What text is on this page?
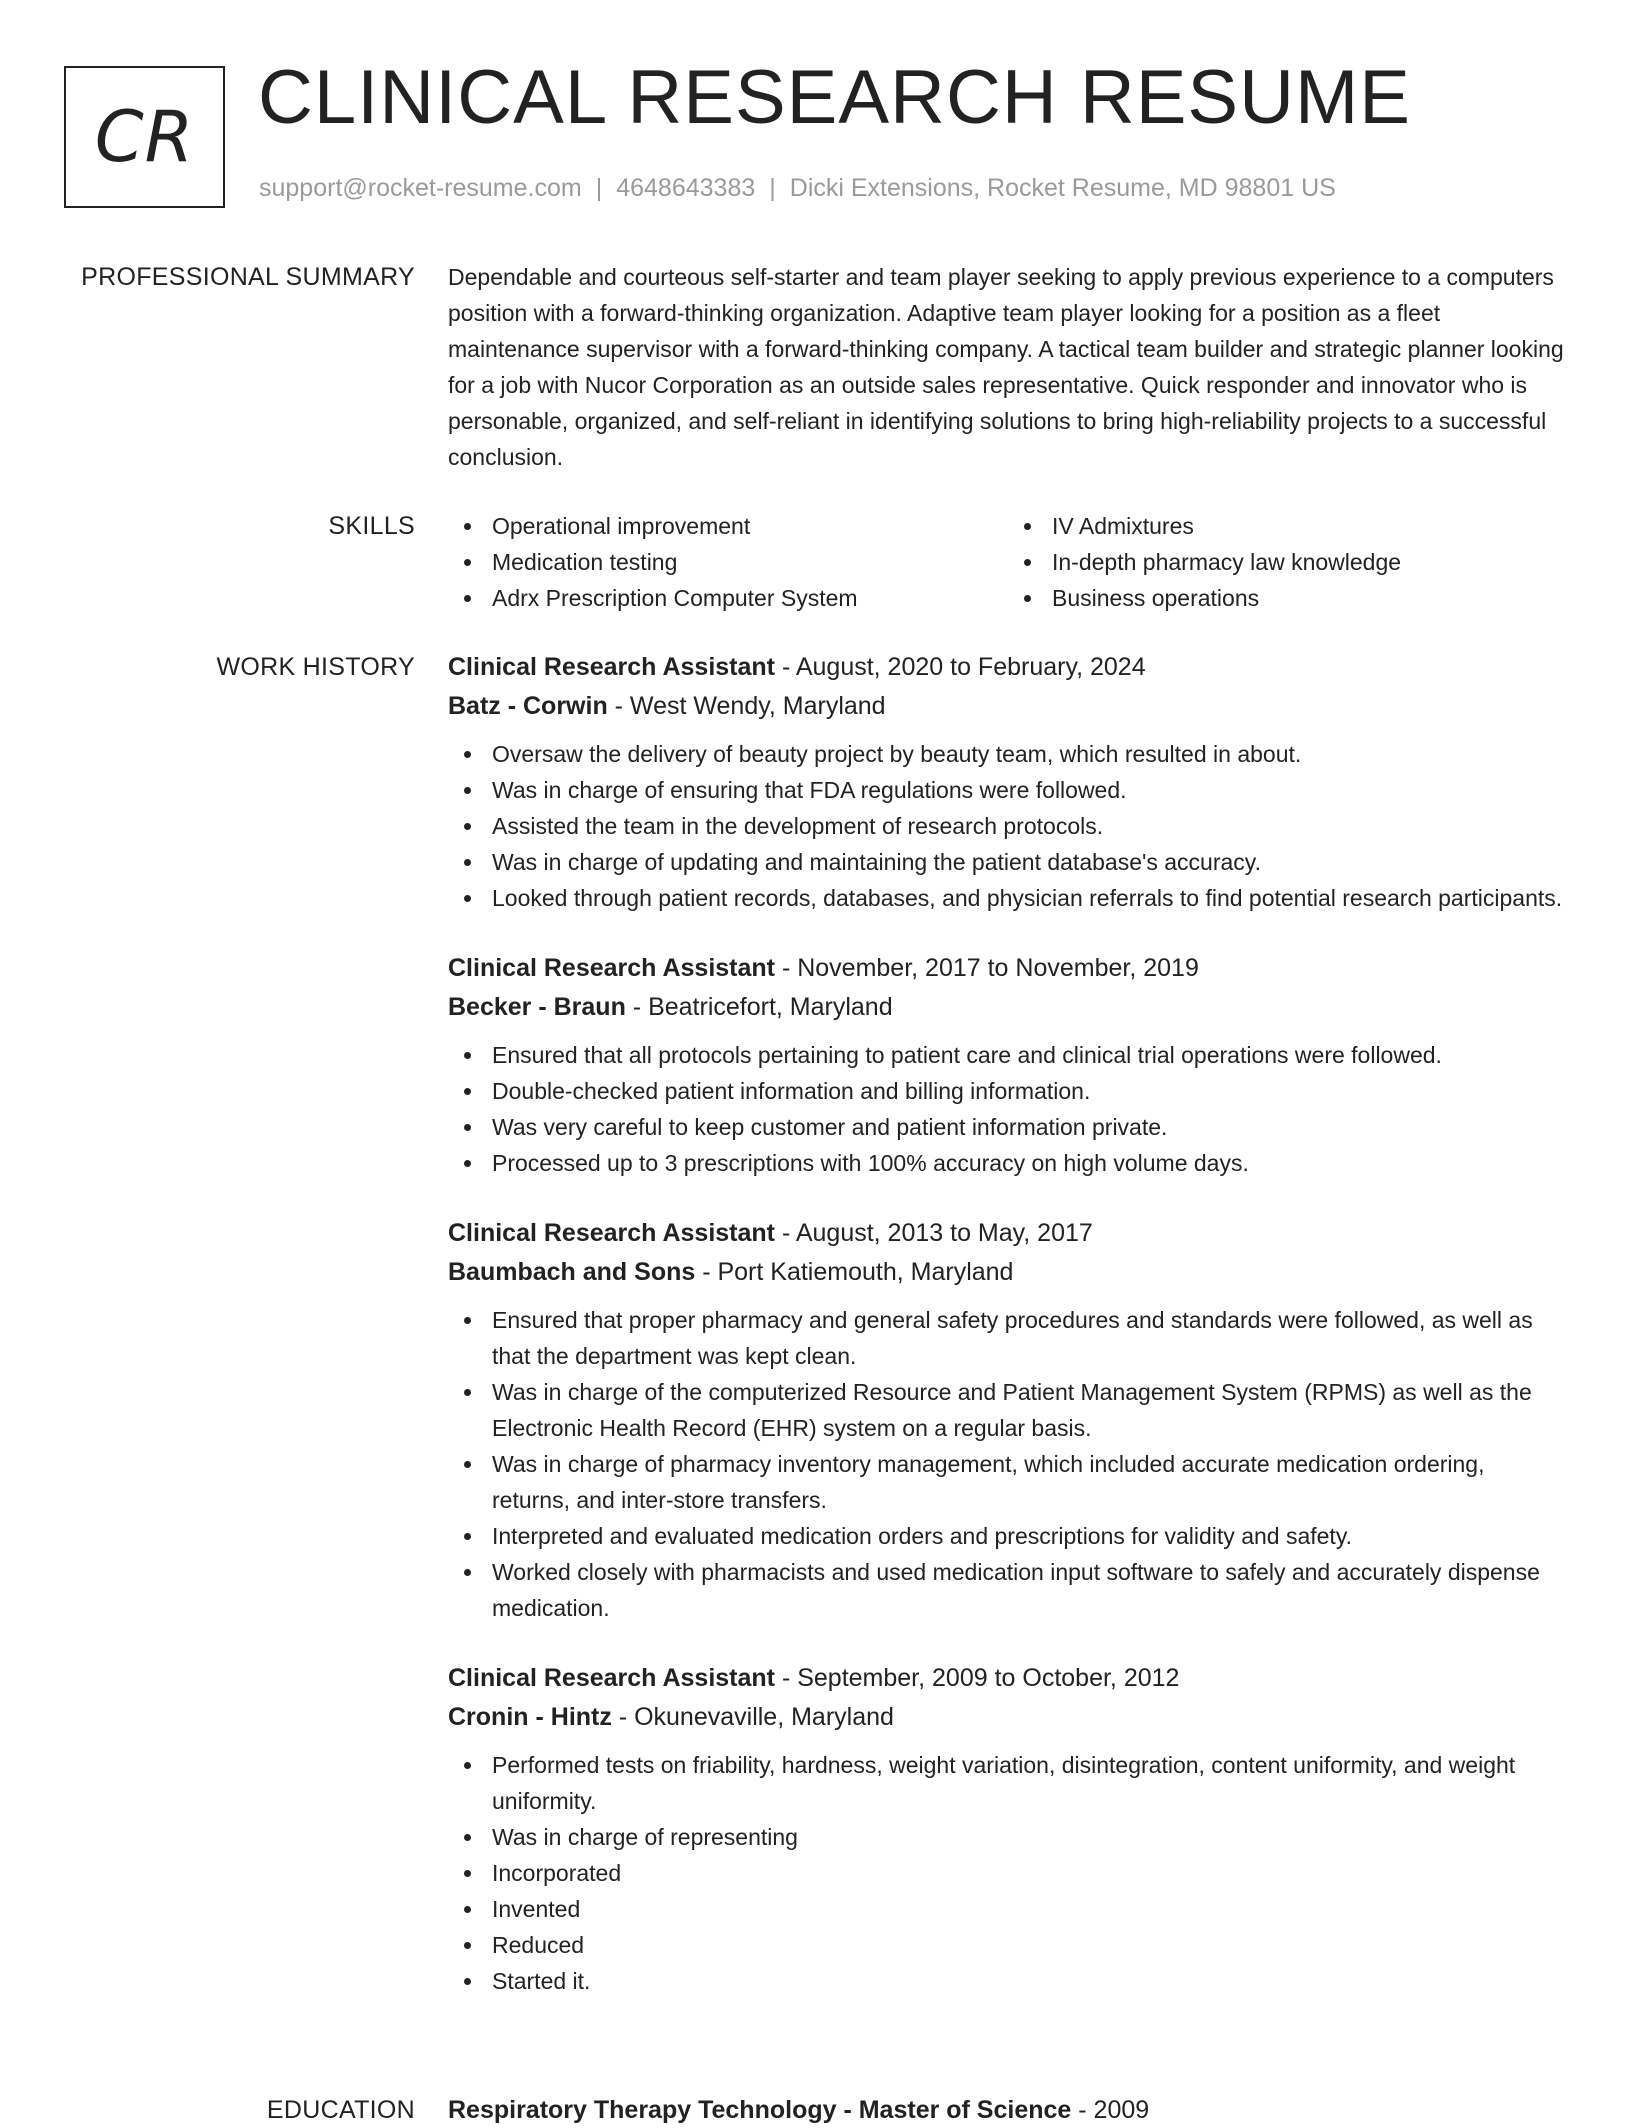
CR CLINICAL RESEARCH RESUME
support@rocket-resume.com | 4648643383 | Dicki Extensions, Rocket Resume, MD 98801 US
PROFESSIONAL SUMMARY Dependable and courteous self-starter and team player seeking to apply previous experience to a computers position with a forward-thinking organization. Adaptive team player looking for a position as a fleet maintenance supervisor with a forward-thinking company. A tactical team builder and strategic planner looking for a job with Nucor Corporation as an outside sales representative. Quick responder and innovator who is personable, organized, and self-reliant in identifying solutions to bring high-reliability projects to a successful conclusion.

SKILLS	Operational improvement
Medication testing
Adrx Prescription Computer System
IV Admixtures
In-depth pharmacy law knowledge
Business operations
WORK HISTORY Clinical Research Assistant - August, 2020 to February, 2024
Batz - Corwin - West Wendy, Maryland
Oversaw the delivery of beauty project by beauty team, which resulted in about.
Was in charge of ensuring that FDA regulations were followed.
Assisted the team in the development of research protocols.
Was in charge of updating and maintaining the patient database's accuracy.
Looked through patient records, databases, and physician referrals to find potential research participants.
Clinical Research Assistant - November, 2017 to November, 2019
Becker - Braun - Beatricefort, Maryland
Ensured that all protocols pertaining to patient care and clinical trial operations were followed.
Double-checked patient information and billing information.
Was very careful to keep customer and patient information private.
Processed up to 3 prescriptions with 100% accuracy on high volume days.
Clinical Research Assistant - August, 2013 to May, 2017
Baumbach and Sons - Port Katiemouth, Maryland
Ensured that proper pharmacy and general safety procedures and standards were followed, as well as that the department was kept clean.
Was in charge of the computerized Resource and Patient Management System (RPMS) as well as the Electronic Health Record (EHR) system on a regular basis.
Was in charge of pharmacy inventory management, which included accurate medication ordering, returns, and inter-store transfers.
Interpreted and evaluated medication orders and prescriptions for validity and safety.
Worked closely with pharmacists and used medication input software to safely and accurately dispense medication.
Clinical Research Assistant - September, 2009 to October, 2012
Cronin - Hintz - Okunevaville, Maryland
Performed tests on friability, hardness, weight variation, disintegration, content uniformity, and weight uniformity.
Was in charge of representing
Incorporated
Invented
Reduced
Started it.
EDUCATION Respiratory Therapy Technology - Master of Science - 2009
